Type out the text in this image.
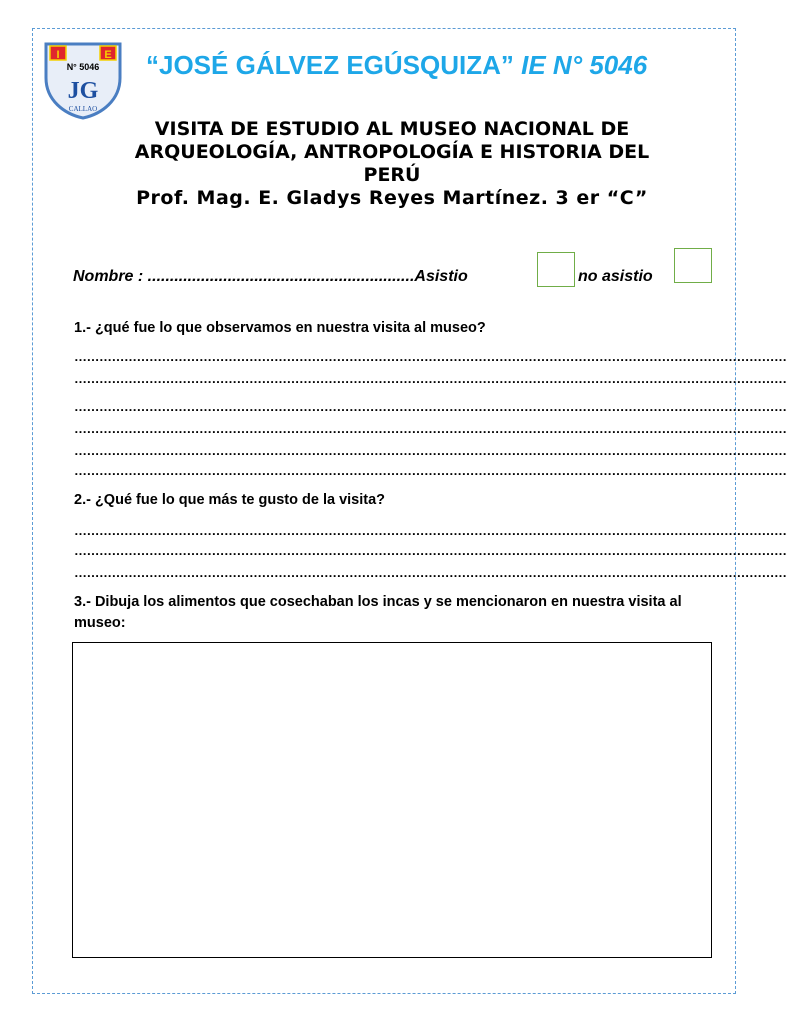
I	E
N° 5046
JG
CALLAO
“JOSÉ GÁLVEZ EGÚSQUIZA” IE N° 5046
VISITA DE ESTUDIO AL MUSEO NACIONAL DE
ARQUEOLOGÍA, ANTROPOLOGÍA E HISTORIA DEL
PERÚ
Prof. Mag. E. Gladys Reyes Martínez. 3 er “C”
Nombre : ............................................................Asistio	no asistio
1.- ¿qué fue lo que observamos en nuestra visita al museo?
………………………………………………………………………………………………………………………………………………………
………………………………………………………………………………………………………………………………………………………
………………………………………………………………………………………………………………………………………………………
………………………………………………………………………………………………………………………………………………………
………………………………………………………………………………………………………………………………………………………
………………………………………………………………………………………………………………………………………………………
2.- ¿Qué fue lo que más te gusto de la visita?
………………………………………………………………………………………………………………………………………………………
………………………………………………………………………………………………………………………………………………………
………………………………………………………………………………………………………………………………………………………
3.- Dibuja los alimentos que cosechaban los incas y se mencionaron en nuestra visita al museo:
